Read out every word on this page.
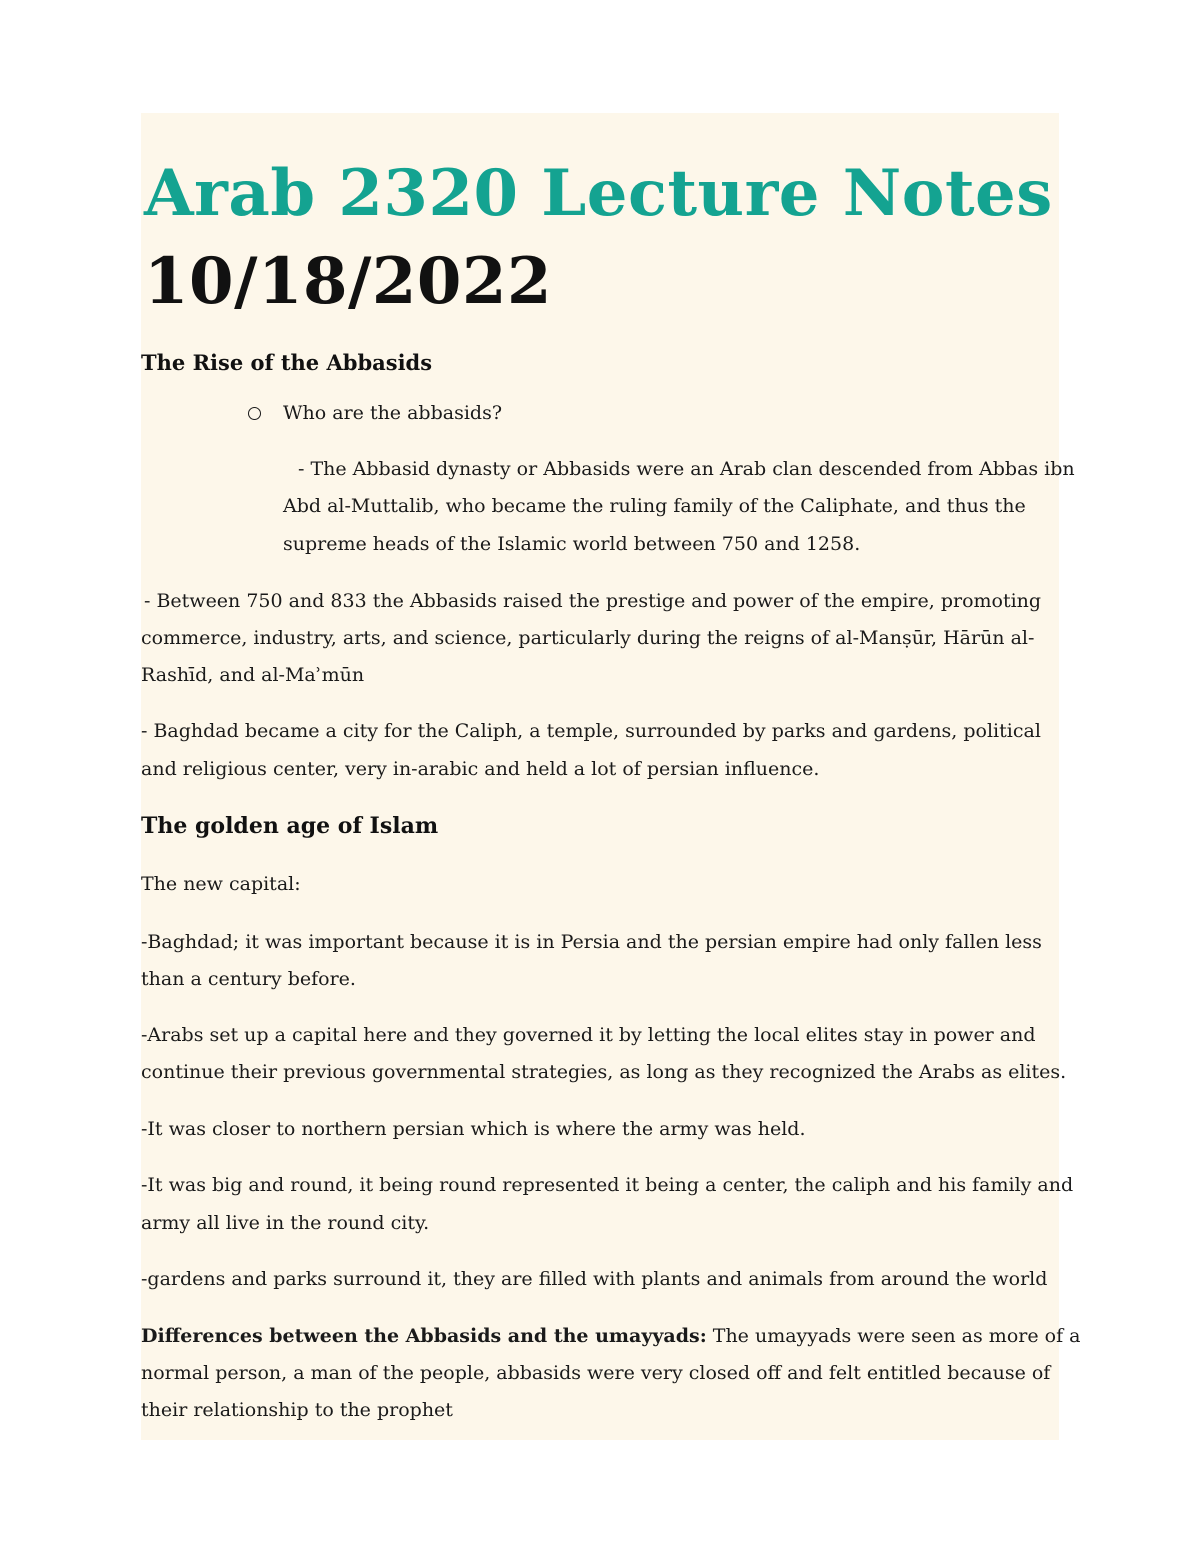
Arab 2320 Lecture Notes
10/18/2022
The Rise of the Abbasids

Who are the abbasids?

- The Abbasid dynasty or Abbasids were an Arab clan descended from Abbas ibn

Abd al-Muttalib, who became the ruling family of the Caliphate, and thus the

supreme heads of the Islamic world between 750 and 1258.

- Between 750 and 833 the Abbasids raised the prestige and power of the empire, promoting

commerce, industry, arts, and science, particularly during the reigns of al-Manṣūr, Hārūn al-

Rashīd, and al-Maʾmūn

- Baghdad became a city for the Caliph, a temple, surrounded by parks and gardens, political

and religious center, very in-arabic and held a lot of persian influence.

The golden age of Islam

The new capital:

-Baghdad; it was important because it is in Persia and the persian empire had only fallen less

than a century before.

-Arabs set up a capital here and they governed it by letting the local elites stay in power and

continue their previous governmental strategies, as long as they recognized the Arabs as elites.

-It was closer to northern persian which is where the army was held.

-It was big and round, it being round represented it being a center, the caliph and his family and

army all live in the round city.

-gardens and parks surround it, they are filled with plants and animals from around the world

Differences between the Abbasids and the umayyads: The umayyads were seen as more of a

normal person, a man of the people, abbasids were very closed off and felt entitled because of

their relationship to the prophet
